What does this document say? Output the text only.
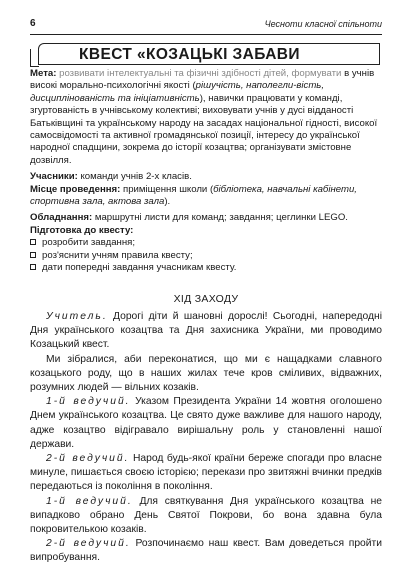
6	Чесноти класної спільноти
КВЕСТ «КОЗАЦЬКІ ЗАБАВИ

Мета: розвивати інтелектуальні та фізичні здібності дітей, формувати в учнів високі морально-психологічні якості (рішучість, наполегли-вість, дисциплінованість та ініціативність), навички працювати у команді, згуртованість в учнівському колективі; виховувати учнів у дусі відданості Батьківщині та українському народу на засадах національної гідності, високої самосвідомості та активної громадянської позиції, інтересу до української народної спадщини, зокрема до історії козацтва; організувати змістовне дозвілля.

Учасники: команди учнів 2-х класів.

Місце проведення: приміщення школи (бібліотека, навчальні кабінети, спортивна зала, актова зала).

Обладнання: маршрутні листи для команд; завдання; цеглинки LEGO.

Підготовка до квесту:

розробити завдання;
роз'яснити учням правила квесту;
дати попередні завдання учасникам квесту.
ХІД ЗАХОДУ

Учитель. Дорогі діти й шановні дорослі! Сьогодні, напередодні Дня українського козацтва та Дня захисника України, ми проводимо Козацький квест.

Ми зібралися, аби переконатися, що ми є нащадками славного козацького роду, що в наших жилах тече кров сміливих, відважних, розумних людей — вільних козаків.

1-й ведучий. Указом Президента України 14 жовтня оголошено Днем українського козацтва. Це свято дуже важливе для нашого народу, адже козацтво відігравало вирішальну роль у становленні нашої держави.

2-й ведучий. Народ будь-якої країни береже спогади про власне минуле, пишається своєю історією; перекази про звитяжні вчинки предків передаються із покоління в покоління.

1-й ведучий. Для святкування Дня українського козацтва не випадково обрано День Святої Покрови, бо вона здавна була покровителькою козаків.

2-й ведучий. Розпочинаємо наш квест. Вам доведеться пройти випробування.
